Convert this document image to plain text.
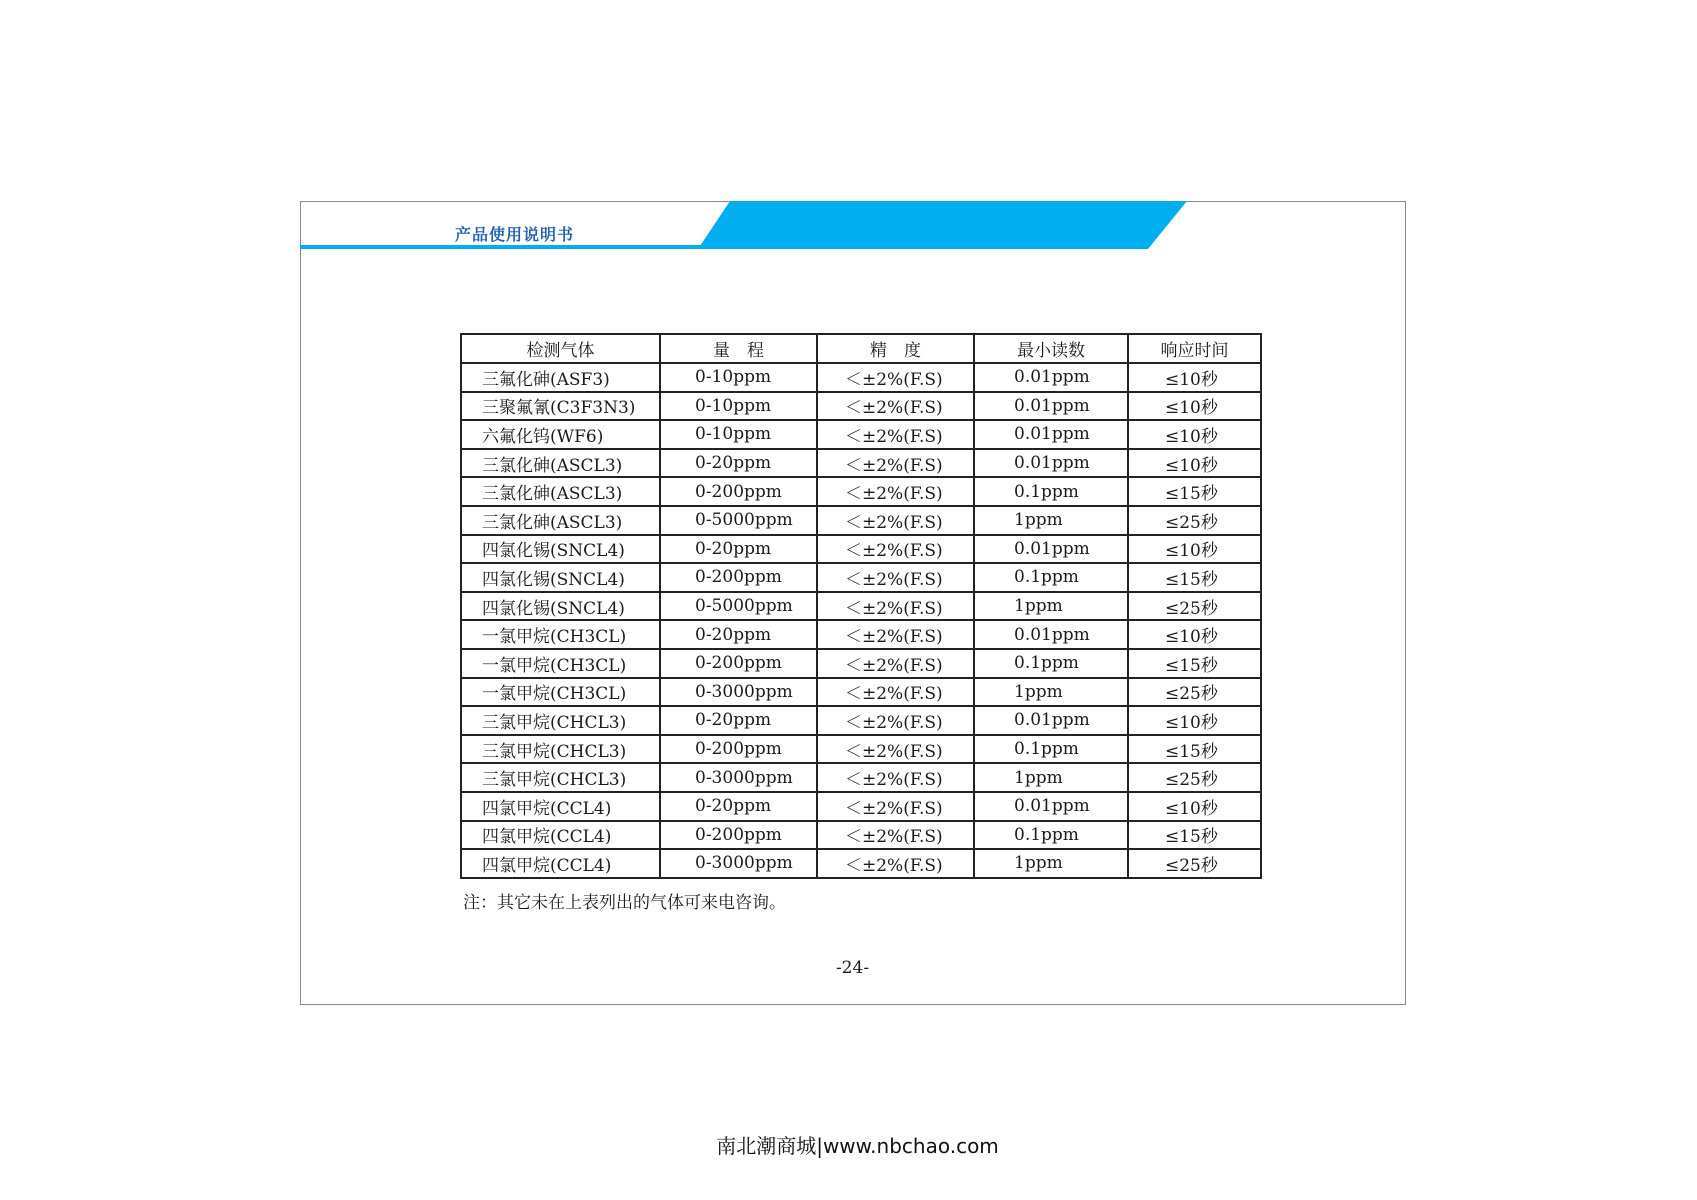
产品使用说明书
检测气体	量　程	精　度	最小读数	响应时间
三氟化砷(ASF3)	0-10ppm	＜±2%(F.S)	0.01ppm	≤10秒
三聚氟氰(C3F3N3)	0-10ppm	＜±2%(F.S)	0.01ppm	≤10秒
六氟化钨(WF6)	0-10ppm	＜±2%(F.S)	0.01ppm	≤10秒
三氯化砷(ASCL3)	0-20ppm	＜±2%(F.S)	0.01ppm	≤10秒
三氯化砷(ASCL3)	0-200ppm	＜±2%(F.S)	0.1ppm	≤15秒
三氯化砷(ASCL3)	0-5000ppm	＜±2%(F.S)	1ppm	≤25秒
四氯化锡(SNCL4)	0-20ppm	＜±2%(F.S)	0.01ppm	≤10秒
四氯化锡(SNCL4)	0-200ppm	＜±2%(F.S)	0.1ppm	≤15秒
四氯化锡(SNCL4)	0-5000ppm	＜±2%(F.S)	1ppm	≤25秒
一氯甲烷(CH3CL)	0-20ppm	＜±2%(F.S)	0.01ppm	≤10秒
一氯甲烷(CH3CL)	0-200ppm	＜±2%(F.S)	0.1ppm	≤15秒
一氯甲烷(CH3CL)	0-3000ppm	＜±2%(F.S)	1ppm	≤25秒
三氯甲烷(CHCL3)	0-20ppm	＜±2%(F.S)	0.01ppm	≤10秒
三氯甲烷(CHCL3)	0-200ppm	＜±2%(F.S)	0.1ppm	≤15秒
三氯甲烷(CHCL3)	0-3000ppm	＜±2%(F.S)	1ppm	≤25秒
四氯甲烷(CCL4)	0-20ppm	＜±2%(F.S)	0.01ppm	≤10秒
四氯甲烷(CCL4)	0-200ppm	＜±2%(F.S)	0.1ppm	≤15秒
四氯甲烷(CCL4)	0-3000ppm	＜±2%(F.S)	1ppm	≤25秒
注：其它未在上表列出的气体可来电咨询。
-24-
南北潮商城|www.nbchao.com
